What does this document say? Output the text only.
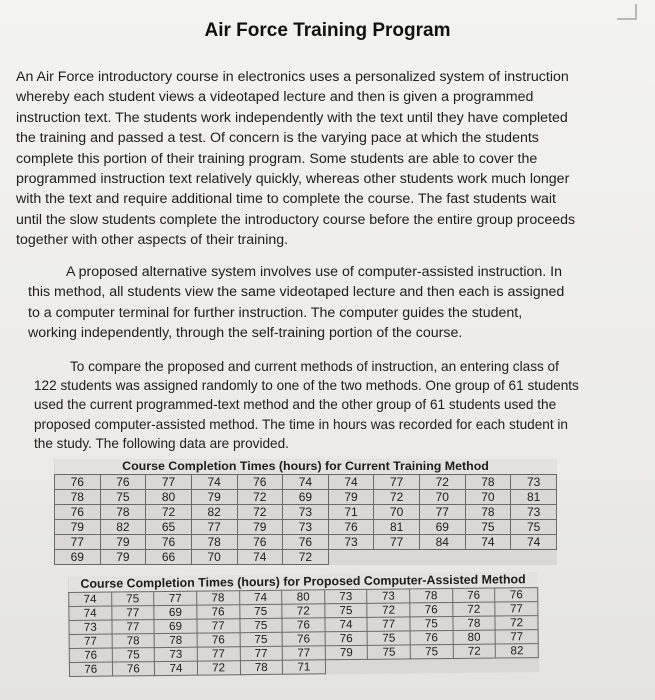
Air Force Training Program
An Air Force introductory course in electronics uses a personalized system of instruction whereby each student views a videotaped lecture and then is given a programmed instruction text. The students work independently with the text until they have completed the training and passed a test. Of concern is the varying pace at which the students complete this portion of their training program. Some students are able to cover the programmed instruction text relatively quickly, whereas other students work much longer with the text and require additional time to complete the course. The fast students wait until the slow students complete the introductory course before the entire group proceeds together with other aspects of their training.
A proposed alternative system involves use of computer-assisted instruction. In this method, all students view the same videotaped lecture and then each is assigned to a computer terminal for further instruction. The computer guides the student, working independently, through the self-training portion of the course.
To compare the proposed and current methods of instruction, an entering class of 122 students was assigned randomly to one of the two methods. One group of 61 students used the current programmed-text method and the other group of 61 students used the proposed computer-assisted method. The time in hours was recorded for each student in the study. The following data are provided.
Course Completion Times (hours) for Current Training Method										
76	76	77	74	76	74	74	77	72	78	73
78	75	80	79	72	69	79	72	70	70	81
76	78	72	82	72	73	71	70	77	78	73
79	82	65	77	79	73	76	81	69	75	75
77	79	76	78	76	76	73	77	84	74	74
69	79	66	70	74	72					
Course Completion Times (hours) for Proposed Computer-Assisted Method										
74	75	77	78	74	80	73	73	78	76	76
74	77	69	76	75	72	75	72	76	72	77
73	77	69	77	75	76	74	77	75	78	72
77	78	78	76	75	76	76	75	76	80	77
76	75	73	77	77	77	79	75	75	72	82
76	76	74	72	78	71					
